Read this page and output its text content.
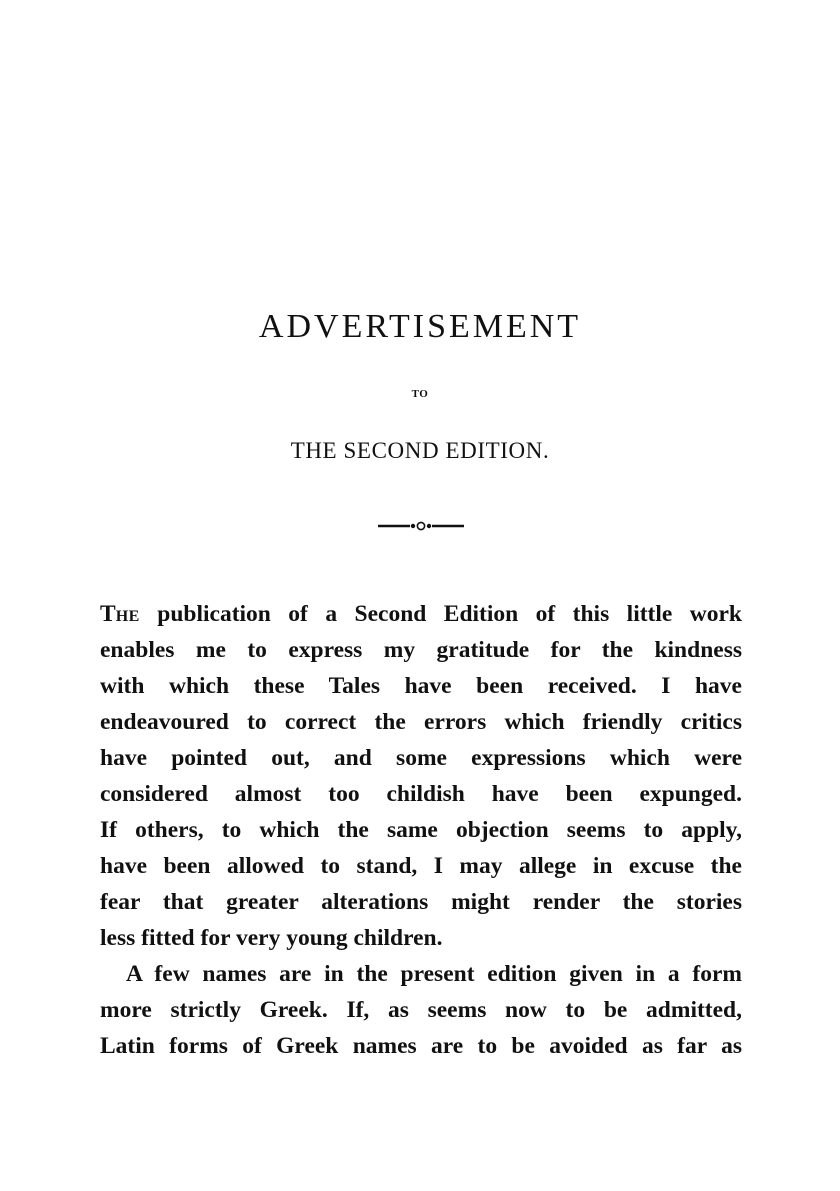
ADVERTISEMENT
TO
THE SECOND EDITION.
THE publication of a Second Edition of this little work
enables me to express my gratitude for the kindness
with which these Tales have been received. I have
endeavoured to correct the errors which friendly critics
have pointed out, and some expressions which were
considered almost too childish have been expunged.
If others, to which the same objection seems to apply,
have been allowed to stand, I may allege in excuse the
fear that greater alterations might render the stories
less fitted for very young children.
A few names are in the present edition given in a form
more strictly Greek. If, as seems now to be admitted,
Latin forms of Greek names are to be avoided as far as
